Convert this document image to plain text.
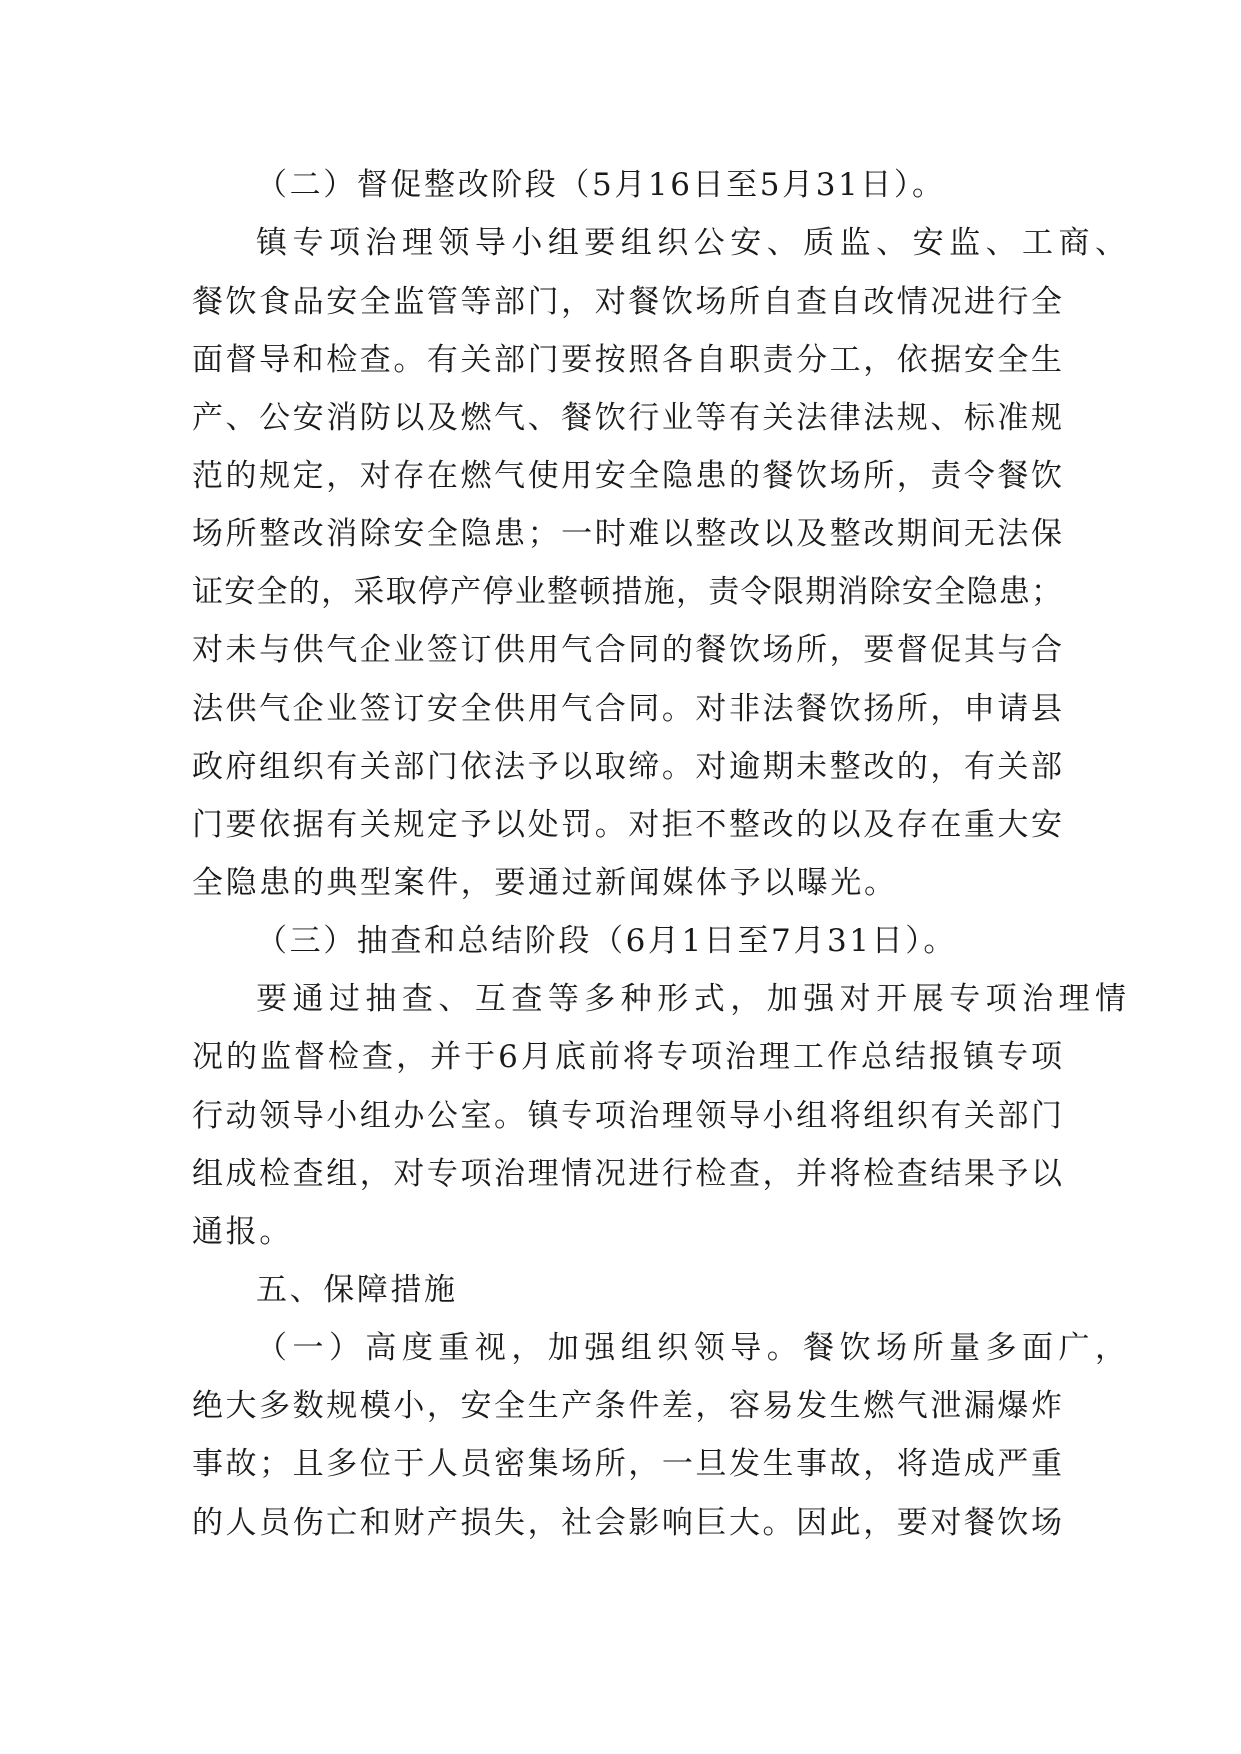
（二）督促整改阶段（5月16日至5月31日）。
镇专项治理领导小组要组织公安、质监、安监、工商、
餐饮食品安全监管等部门，对餐饮场所自查自改情况进行全
面督导和检查。有关部门要按照各自职责分工，依据安全生
产、公安消防以及燃气、餐饮行业等有关法律法规、标准规
范的规定，对存在燃气使用安全隐患的餐饮场所，责令餐饮
场所整改消除安全隐患；一时难以整改以及整改期间无法保
证安全的，采取停产停业整顿措施，责令限期消除安全隐患；
对未与供气企业签订供用气合同的餐饮场所，要督促其与合
法供气企业签订安全供用气合同。对非法餐饮扬所，申请县
政府组织有关部门依法予以取缔。对逾期未整改的，有关部
门要依据有关规定予以处罚。对拒不整改的以及存在重大安
全隐患的典型案件，要通过新闻媒体予以曝光。
（三）抽查和总结阶段（6月1日至7月31日）。
要通过抽查、互查等多种形式，加强对开展专项治理情
况的监督检查，并于6月底前将专项治理工作总结报镇专项
行动领导小组办公室。镇专项治理领导小组将组织有关部门
组成检查组，对专项治理情况进行检查，并将检查结果予以
通报。
五、保障措施
（一）高度重视，加强组织领导。餐饮场所量多面广，
绝大多数规模小，安全生产条件差，容易发生燃气泄漏爆炸
事故；且多位于人员密集场所，一旦发生事故，将造成严重
的人员伤亡和财产损失，社会影响巨大。因此，要对餐饮场
